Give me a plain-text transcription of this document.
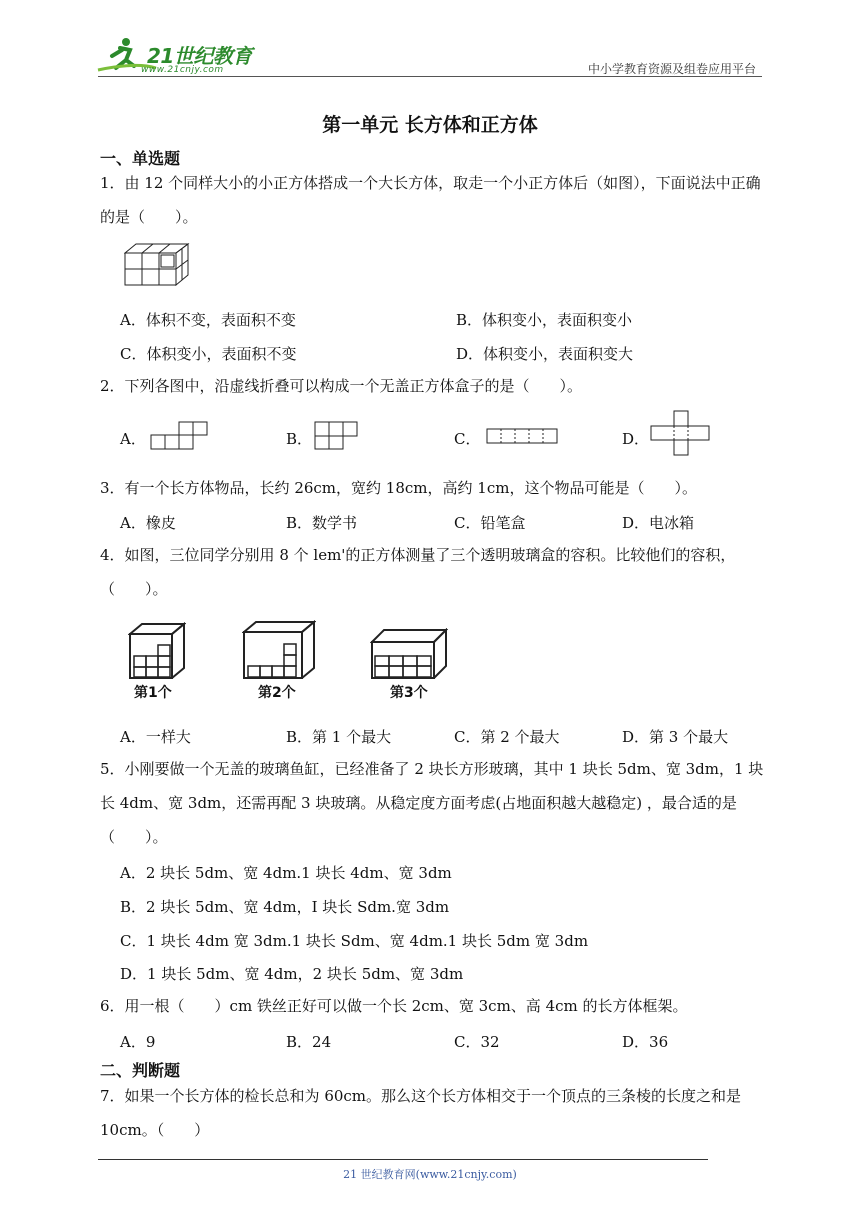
21世纪教育
www.21cnjy.com	中小学教育资源及组卷应用平台
第一单元 长方体和正方体
一、单选题
1．由 12 个同样大小的小正方体搭成一个大长方体，取走一个小正方体后（如图），下面说法中正确的是（　　）。
A．体积不变，表面积不变	B．体积变小，表面积变小
C．体积变小，表面积不变	D．体积变小，表面积变大
2．下列各图中，沿虚线折叠可以构成一个无盖正方体盒子的是（　　）。
A．	B．	C．	D．
3．有一个长方体物品，长约 26cm，宽约 18cm，高约 1cm，这个物品可能是（　　）。
A．橡皮	B．数学书	C．铅笔盒	D．电冰箱
4．如图，三位同学分别用 8 个 lem'的正方体测量了三个透明玻璃盒的容积。比较他们的容积，（　　）。
第1个	第2个	第3个
A．一样大	B．第 1 个最大	C．第 2 个最大	D．第 3 个最大
5．小刚要做一个无盖的玻璃鱼缸，已经准备了 2 块长方形玻璃，其中 1 块长 5dm、宽 3dm，1 块长 4dm、宽 3dm，还需再配 3 块玻璃。从稳定度方面考虑(占地面积越大越稳定) ，最合适的是（　　）。
A．2 块长 5dm、宽 4dm.1 块长 4dm、宽 3dm
B．2 块长 5dm、宽 4dm，I 块长 Sdm.宽 3dm
C．1 块长 4dm 宽 3dm.1 块长 Sdm、宽 4dm.1 块长 5dm 宽 3dm
D．1 块长 5dm、宽 4dm，2 块长 5dm、宽 3dm
6．用一根（　　）cm 铁丝正好可以做一个长 2cm、宽 3cm、高 4cm 的长方体框架。
A．9	B．24	C．32	D．36
二、判断题
7．如果一个长方体的检长总和为 60cm。那么这个长方体相交于一个顶点的三条棱的长度之和是 10cm。（　　）
21 世纪教育网(www.21cnjy.com)
